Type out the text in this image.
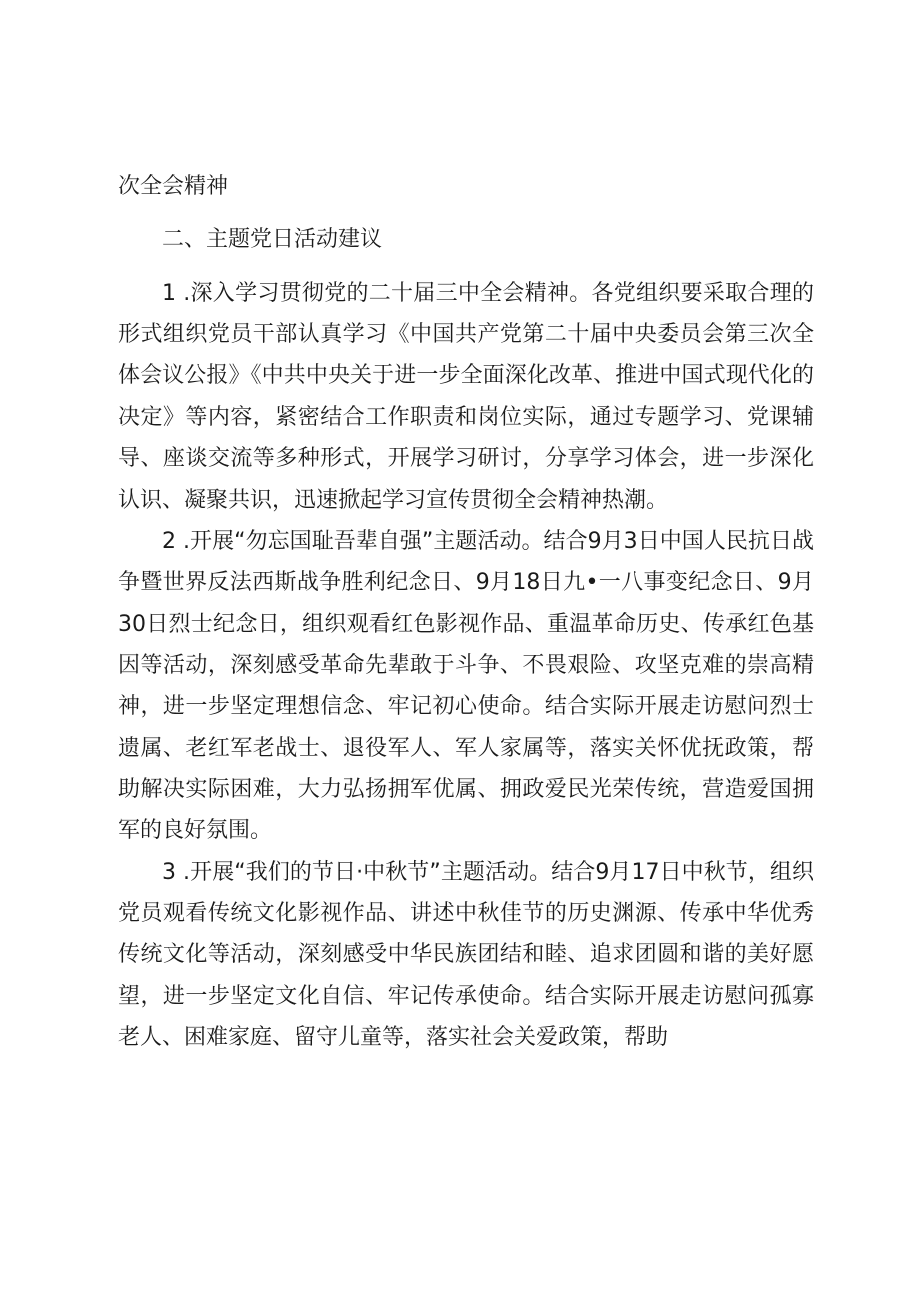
次全会精神

二、主题党日活动建议

1 .深入学习贯彻党的二十届三中全会精神。各党组织要采取合理的形式组织党员干部认真学习《中国共产党第二十届中央委员会第三次全体会议公报》《中共中央关于进一步全面深化改革、推进中国式现代化的决定》等内容，紧密结合工作职责和岗位实际，通过专题学习、党课辅导、座谈交流等多种形式，开展学习研讨，分享学习体会，进一步深化认识、凝聚共识，迅速掀起学习宣传贯彻全会精神热潮。

2 .开展“勿忘国耻吾辈自强”主题活动。结合9月3日中国人民抗日战争暨世界反法西斯战争胜利纪念日、9月18日九•一八事变纪念日、9月30日烈士纪念日，组织观看红色影视作品、重温革命历史、传承红色基因等活动，深刻感受革命先辈敢于斗争、不畏艰险、攻坚克难的崇高精神，进一步坚定理想信念、牢记初心使命。结合实际开展走访慰问烈士遗属、老红军老战士、退役军人、军人家属等，落实关怀优抚政策，帮助解决实际困难，大力弘扬拥军优属、拥政爱民光荣传统，营造爱国拥军的良好氛围。

3 .开展“我们的节日·中秋节”主题活动。结合9月17日中秋节，组织党员观看传统文化影视作品、讲述中秋佳节的历史渊源、传承中华优秀传统文化等活动，深刻感受中华民族团结和睦、追求团圆和谐的美好愿望，进一步坚定文化自信、牢记传承使命。结合实际开展走访慰问孤寡老人、困难家庭、留守儿童等，落实社会关爱政策，帮助
